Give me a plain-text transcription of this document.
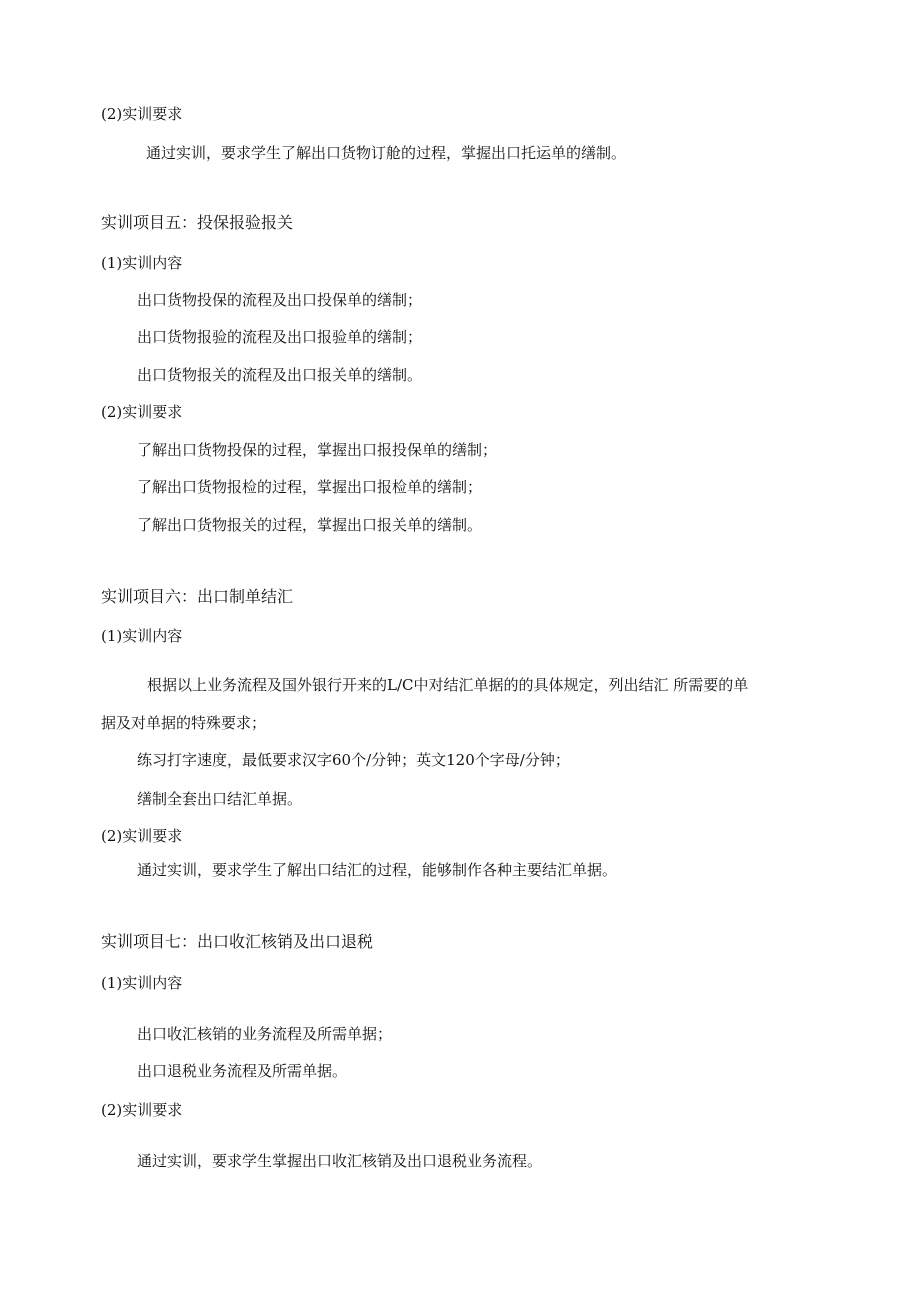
(2)实训要求
通过实训，要求学生了解出口货物订舱的过程，掌握出口托运单的缮制。
实训项目五：投保报验报关
(1)实训内容
出口货物投保的流程及出口投保单的缮制；
出口货物报验的流程及出口报验单的缮制；
出口货物报关的流程及出口报关单的缮制。
(2)实训要求
了解出口货物投保的过程，掌握出口报投保单的缮制；
了解出口货物报检的过程，掌握出口报检单的缮制；
了解出口货物报关的过程，掌握出口报关单的缮制。
实训项目六：出口制单结汇
(1)实训内容
根据以上业务流程及国外银行开来的L/C中对结汇单据的的具体规定，列出结汇 所需要的单
据及对单据的特殊要求；
练习打字速度，最低要求汉字60个/分钟；英文120个字母/分钟；
缮制全套出口结汇单据。
(2)实训要求
通过实训，要求学生了解出口结汇的过程，能够制作各种主要结汇单据。
实训项目七：出口收汇核销及出口退税
(1)实训内容
出口收汇核销的业务流程及所需单据；
出口退税业务流程及所需单据。
(2)实训要求
通过实训，要求学生掌握出口收汇核销及出口退税业务流程。
